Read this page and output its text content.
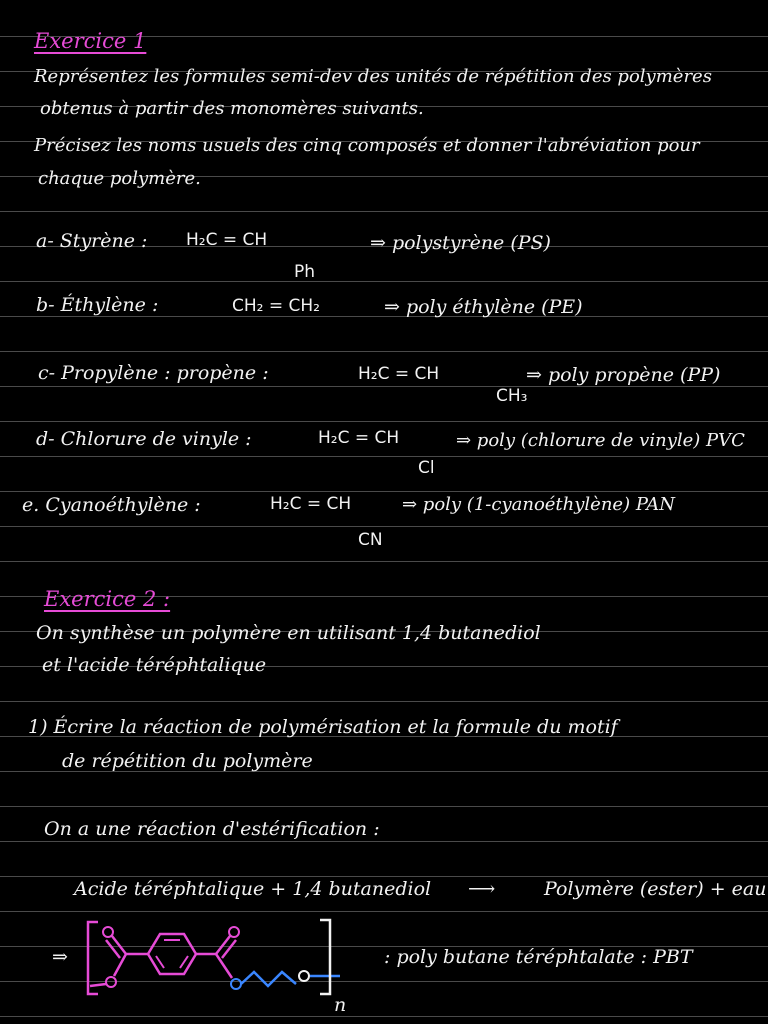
Exercice 1
Représentez les formules semi-dev des unités de répétition des polymères
obtenus à partir des monomères suivants.
Précisez les noms usuels des cinq composés et donner l'abréviation pour
chaque polymère.
a- Styrène : H₂C = CH
Ph
⇒ polystyrène (PS)
b- Éthylène :	CH₂ = CH₂	⇒ poly éthylène (PE)
c- Propylène : propène :	H₂C = CH
CH₃
⇒ poly propène (PP)
d- Chlorure de vinyle :	H₂C = CH
Cl
⇒ poly (chlorure de vinyle) PVC
e. Cyanoéthylène :	H₂C = CH
CN
⇒ poly (1-cyanoéthylène) PAN
Exercice 2 :
On synthèse un polymère en utilisant 1,4 butanediol
et l'acide téréphtalique
1) Écrire la réaction de polymérisation et la formule du motif
de répétition du polymère
On a une réaction d'estérification :
Acide téréphtalique + 1,4 butanediol ⟶	Polymère (ester) + eau
⇒
n
: poly butane téréphtalate : PBT
